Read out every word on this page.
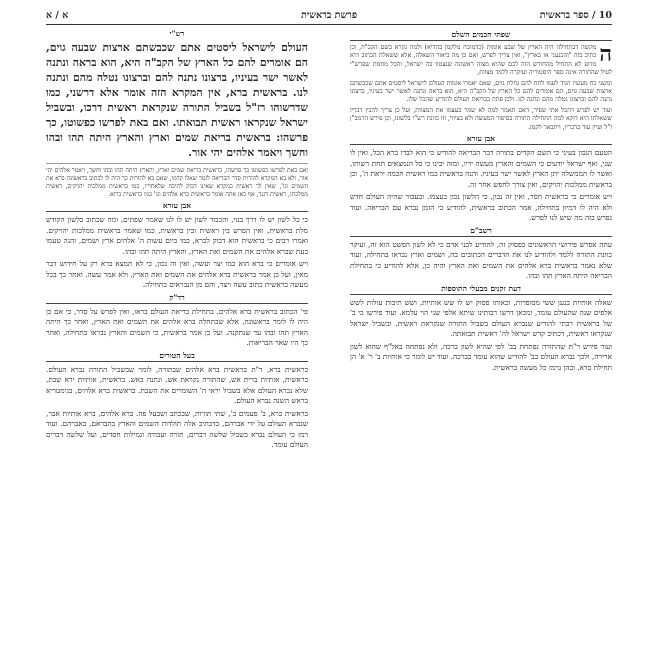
10 / ספר בראשית
פרשת בראשית
א / א
שפתי חכמים השלם

ה
מקשה דבתחילה היה הארץ של שבע אומות (כדמוכח מלקמן בהדיא) ולמה נקרא בשם הקב"ה, וכן כתיב בזה "והכנעני אז בארץ", ואין צריך לפרש, ואם כן מה ביאור השאלה, אלא ששאלת הכתוב היא מדוע לא התחיל מהחודש הזה לכם שהיא מצוה ראשונה שנצטוו בה ישראל, והכל מחמת שפרש"י לעיל שהתורה אינה ספר היסטוריה ועיקרה ללמד מצוות,

ומשני כח מעשיו הגיד לעמו לתת להם נחלת גוים, שאם יאמרו אומות העולם לישראל ליסטים אתם שכבשתם ארצות שבעה גוים, הם אומרים להם כל הארץ של הקב"ה היא, הוא בראה ונתנה לאשר ישר בעיניו, ברצונו נתנה להם וברצונו נטלה מהם ונתנה לנו. ולכן פתח בבריאת העולם להודיע שהכל שלו.

ועוד יש לפרש דהכל אתי שפיר, דאם תאמר למה לא שמר בעצמו את המצוות, ועל כן צריך להבין דבריו ששאלתו היא דוקא למה התחילה התורה בסיפור המעשה ולא בציווי, וזו כוונת רש"י בלשונו, וכן פירש הרמב"ן ז"ל ועיין עוד בדבריו, ויתבאר לקמן.

אבן עזרא

הטעם הנכון בעיני כי השם הקדים בתורה דבר הבריאה להודיע כי הוא לבדו ברא הכל, ואין לו שני, ואף ישראל יודעים כי השמים והארץ מעשה ידיו, ומזה יבינו כי כל הנמצאים תחת רשותו, ואשר לו הממשלה יתן הארץ לאשר ישר בעיניו. והנה בראשית כמו ראשית חכמה יראת ה', וכן בראשית ממלכות יהויקים, ואין צורך לחפש אחר זה.

ויש אומרים כי בראשית חסר, ואין זה נכון, כי הלשון נכון בעצמו. ובעבור שהיה העולם חדש ולא היה לו דמיון בתחילה, אמר הכתוב בראשית, להודיע כי הזמן נברא עם הבריאה. ועוד נפרש בזה מה שיש לנו לפרש.

רשב"ם

עתה אפרש פירושי הראשונים בפסוק זה, להודיע לבני אדם כי לא לשון הפשט הוא זה, ועיקר כוונת התורה ללמד ולהודיע לנו את הדברים הכתובים בה, ושמים וארץ נבראו בתחילה, ועוד שלא נאמר בראשית ברא אלהים את השמים ואת הארץ והיה כן, אלא להודיע כי בתחילת הבריאה היתה הארץ תהו ובהו.

דעת זקנים מבעלי התוספות

שאלה אותיות בנען ששי מסופרות, וכאותו פסוק יש לו שש אותיות, ושש תיבות עולות לשש אלפים שנה שהעולם עומד, ומכאן דרשו רבותינו שיתא אלפי שני הוי עלמא. ועוד פירשו כי ב' של בראשית רבתי להודיע שנברא העולם בשביל התורה שנקראת ראשית, ובשביל ישראל שנקראו ראשית, דכתיב קדש ישראל לה' ראשית תבואתה.

ועוד פירש ר"ת שהתורה נפתחת בב' לפי שהיא לשון ברכה, ולא נפתחה באל"ף שהוא לשון ארירה, ולכך נברא העולם בב' להודיע שהוא עומד בברכה. ועוד יש לומר כי אותיות ב' ר' א' הן תחילת ברא, ובהן נרמז כל מעשה בראשית.

רש"י
העולם לישראל ליסטים אתם שכבשתם ארצות שבעה גוים, הם אומרים להם כל הארץ של הקב"ה היא, הוא בראה ונתנה לאשר ישר בעיניו, ברצונו נתנה להם וברצונו נטלה מהם ונתנה לנו. בראשית ברא, אין המקרא הזה אומר אלא דרשני, כמו שדרשוהו רז"ל בשביל התורה שנקראת ראשית דרכו, ובשביל ישראל שנקראו ראשית תבואתו. ואם באת לפרשו כפשוטו, כך פרשהו: בראשית בריאת שמים וארץ והארץ היתה תהו ובהו וחשך ויאמר אלהים יהי אור.
ואם באת לפרשו כפשוטו כך פרשהו, בראשית בריאת שמים וארץ, והארץ היתה תהו ובהו וחשך, ויאמר אלהים יהי אור, ולא בא המקרא להורות סדר הבריאה לומר שאלו קדמו, שאם בא להורות כך היה לו לכתוב בראשונה ברא את השמים וגו', שאין לך ראשית במקרא שאינו דבוק לתיבה שלאחריו, כמו בראשית ממלכות יהויקים, ראשית ממלכתו, ראשית דגנך, אף כאן אתה אומר בראשית ברא אלהים וגו' כמו בראשית ברוא.
אבן עזרא

כי כל לשון יש לו דרך בנוי, והכבוד לשון יש לו לנו שאמר שפתים, ומה שכתוב בלשון הקודש מלת בראשית, ואין הפרש בין ראשית ובין בראשית, כמו שאמר בראשית ממלכות יהויקים. ואמרו רבים כי בראשית הוא דבוק לברא, כמו ביום עשות ה' אלהים ארץ ושמים, והנה טעמו בעת שברא אלהים את השמים ואת הארץ, והארץ היתה תהו ובהו.

ויש אומרים כי ברא הוא כמו יצר ועשה, ואין זה נכון, כי לא תמצא ברא רק על חידוש דבר מאין, ועל כן אמר בראשית ברא אלהים את השמים ואת הארץ, ולא אמר עשה. ואחר כך בכל מעשה בראשית כתוב עשה ויצר, והם מן הנבראים בתחילה.

רד"ק

פי' הכתוב בראשית ברא אלהים, בתחילת בריאת העולם בראו, ואין לפרש על סדר, כי אם כן היה לו לומר בראשונה, אלא שבתחלה ברא אלהים את השמים ואת הארץ, ואחר כך היתה הארץ תהו ובהו עד שנתקנה. ועל כן אמר בראשית, כי השמים והארץ נבראו בתחילה, ואחר כך היו שאר הבריאות.

בעל הטורים

בראשית ברא, ר"ת בראשית ברא אלהים שבתורה, לומר שבשביל התורה נברא העולם. בראשית, אותיות ברית אש, שהתורה נקראת אש, ונתנה באש. בראשית, אותיות ירא שבת, שלא נברא העולם אלא בשביל יראי ה' השומרים את השבת. בראשית ברא אלהים, בגימטריא בראש השנה נברא העולם.

בראשית ברא, ב' פעמים ב', שתי תורות, שבכתב ושבעל פה. ברא אלהים, ברא אותיות אבר, שנברא העולם על ידי אברהם, כדכתיב אלה תולדות השמים והארץ בהבראם, באברהם. ועוד רמז כי העולם נברא בשביל שלשה דברים, תורה ועבודה וגמילות חסדים, ועל שלשה דברים העולם עומד.
